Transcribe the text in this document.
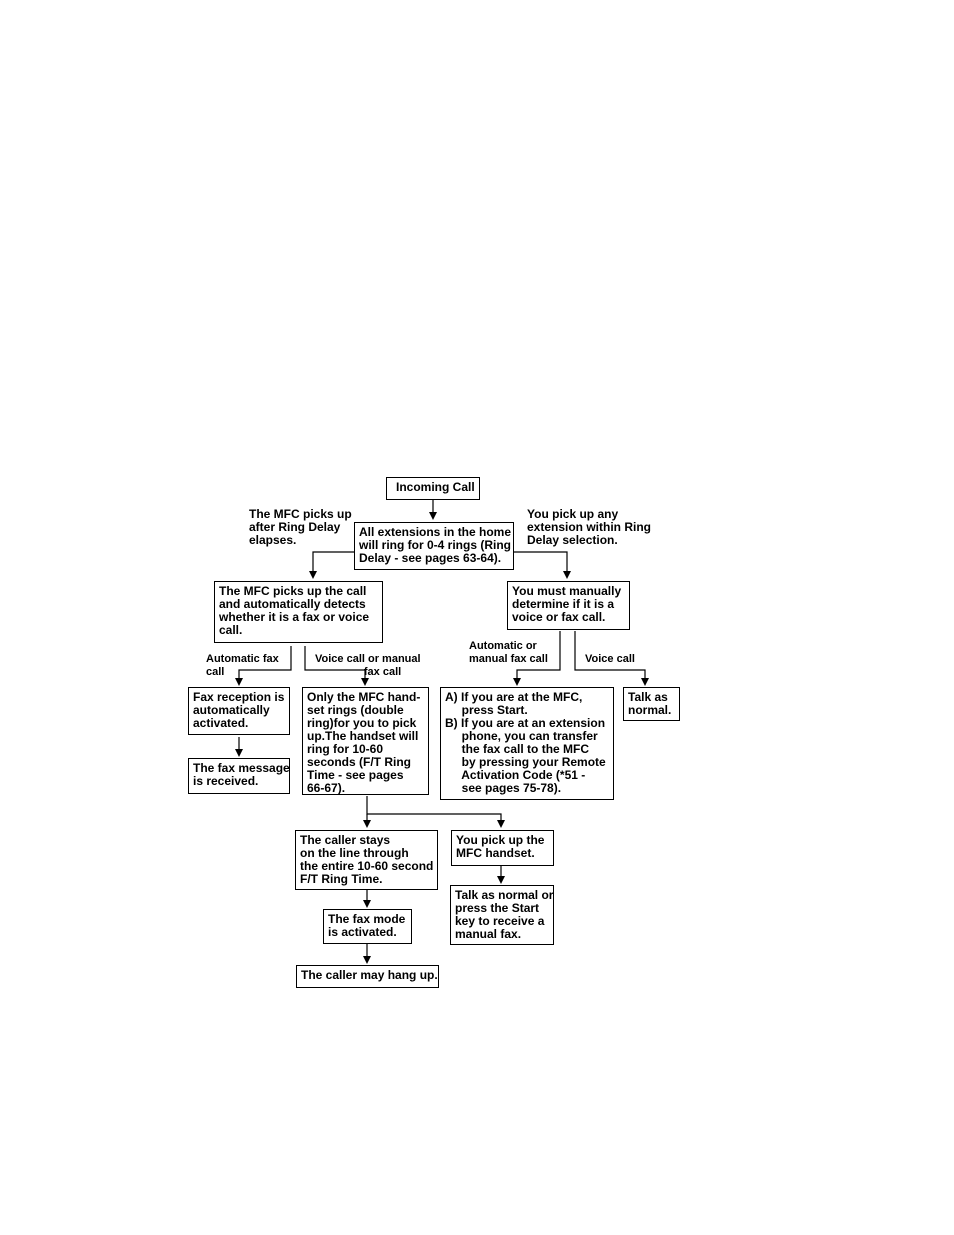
Incoming Call
All extensions in the home
will ring for 0-4 rings (Ring
Delay - see pages 63-64).
The MFC picks up the call
and automatically detects
whether it is a fax or voice
call.
You must manually
determine if it is a
voice or fax call.
Fax reception is
automatically
activated.
The fax message
is received.
Only the MFC hand-
set rings (double
ring)for you to pick
up.The handset will
ring for 10-60
seconds (F/T Ring
Time - see pages
66-67).
A) If you are at the MFC,
press Start.
B) If you are at an extension
phone, you can transfer
the fax call to the MFC
by pressing your Remote
Activation Code (*51 -
see pages 75-78).
Talk as
normal.
The caller stays
on the line through
the entire 10-60 second
F/T Ring Time.
You pick up the
MFC handset.
The fax mode
is activated.
Talk as normal or
press the Start
key to receive a
manual fax.
The caller may hang up.
The MFC picks up
after Ring Delay
elapses.
You pick up any
extension within Ring
Delay selection.
Automatic fax
call
Voice call or manual
fax call
Automatic or
manual fax call	Voice call
